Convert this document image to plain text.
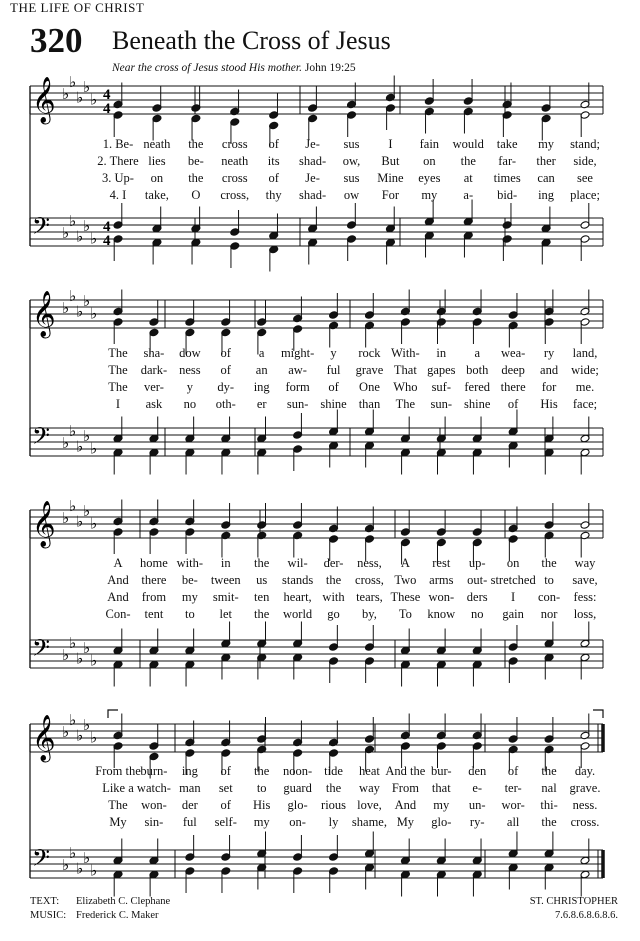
THE LIFE OF CHRIST
320 Beneath the Cross of Jesus
Near the cross of Jesus stood His mother. John 19:25
𝄞
𝄢
♭
♭
♭
♭
♭
♭
♭
♭
♭
♭
4
4
4
4
1. Be- neath the cross of Je- sus I fain would take my stand;
2. There lies be- neath its shad- ow, But on the far- ther side,
3. Up- on the cross of Je- sus Mine eyes at times can see
4. I take, O cross, thy shad- ow For my a- bid- ing place;
𝄞
𝄢
♭
♭
♭
♭
♭
♭
♭
♭
♭
♭
The sha- dow of a might- y rock With- in a wea- ry land,
The dark- ness of an aw- ful grave That gapes both deep and wide;
The ver- y dy- ing form of One Who suf- fered there for me.
I ask no oth- er sun- shine than The sun- shine of His face;
𝄞
𝄢
♭
♭
♭
♭
♭
♭
♭
♭
♭
♭
A home with- in the wil- der- ness, A rest up- on the way
And there be- tween us stands the cross, Two arms out- stretched to save,
And from my smit- ten heart, with tears, These won- ders I con- fess:
Con- tent to let the world go by, To know no gain nor loss,
𝄞
𝄢
♭
♭
♭
♭
♭
♭
♭
♭
♭
♭
From the burn- ing of the noon- tide heat And the bur- den of the day.
Like a watch- man set to guard the way From that e- ter- nal grave.
The won- der of His glo- rious love, And my un- wor- thi- ness.
My sin- ful self- my on- ly shame, My glo- ry- all the cross.
TEXT: Elizabeth C. Clephane
MUSIC: Frederick C. Maker
ST. CHRISTOPHER
7.6.8.6.8.6.8.6.
